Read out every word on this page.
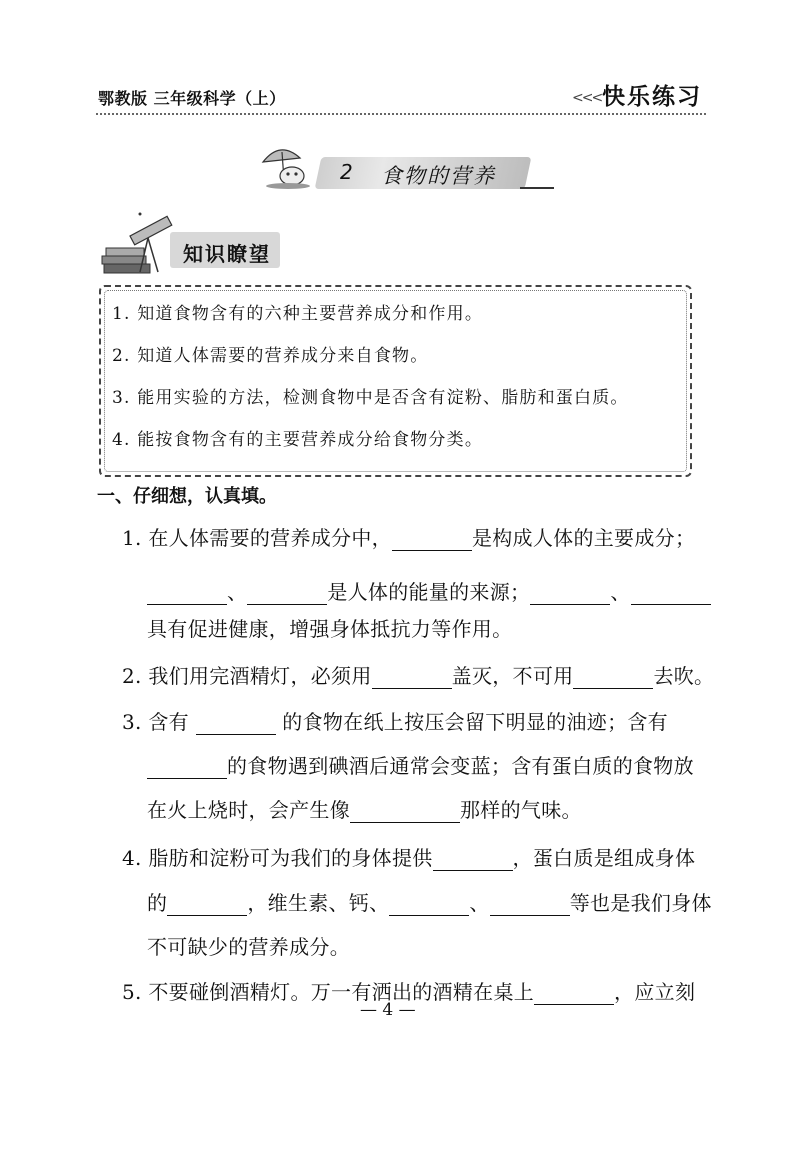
鄂教版 三年级科学（上）	<<< 快乐练习
2 食物的营养
知识瞭望
1. 知道食物含有的六种主要营养成分和作用。
2. 知道人体需要的营养成分来自食物。
3. 能用实验的方法，检测食物中是否含有淀粉、脂肪和蛋白质。
4. 能按食物含有的主要营养成分给食物分类。
一、仔细想，认真填。
1. 在人体需要的营养成分中，	是构成人体的主要成分；
、	是人体的能量的来源；	、
具有促进健康，增强身体抵抗力等作用。
2. 我们用完酒精灯，必须用	盖灭，不可用	去吹。
3. 含有	的食物在纸上按压会留下明显的油迹；含有
的食物遇到碘酒后通常会变蓝；含有蛋白质的食物放
在火上烧时，会产生像	那样的气味。
4. 脂肪和淀粉可为我们的身体提供	，蛋白质是组成身体
的	，维生素、钙、	、	等也是我们身体
不可缺少的营养成分。
5. 不要碰倒酒精灯。万一有洒出的酒精在桌上	，应立刻
— 4 —
